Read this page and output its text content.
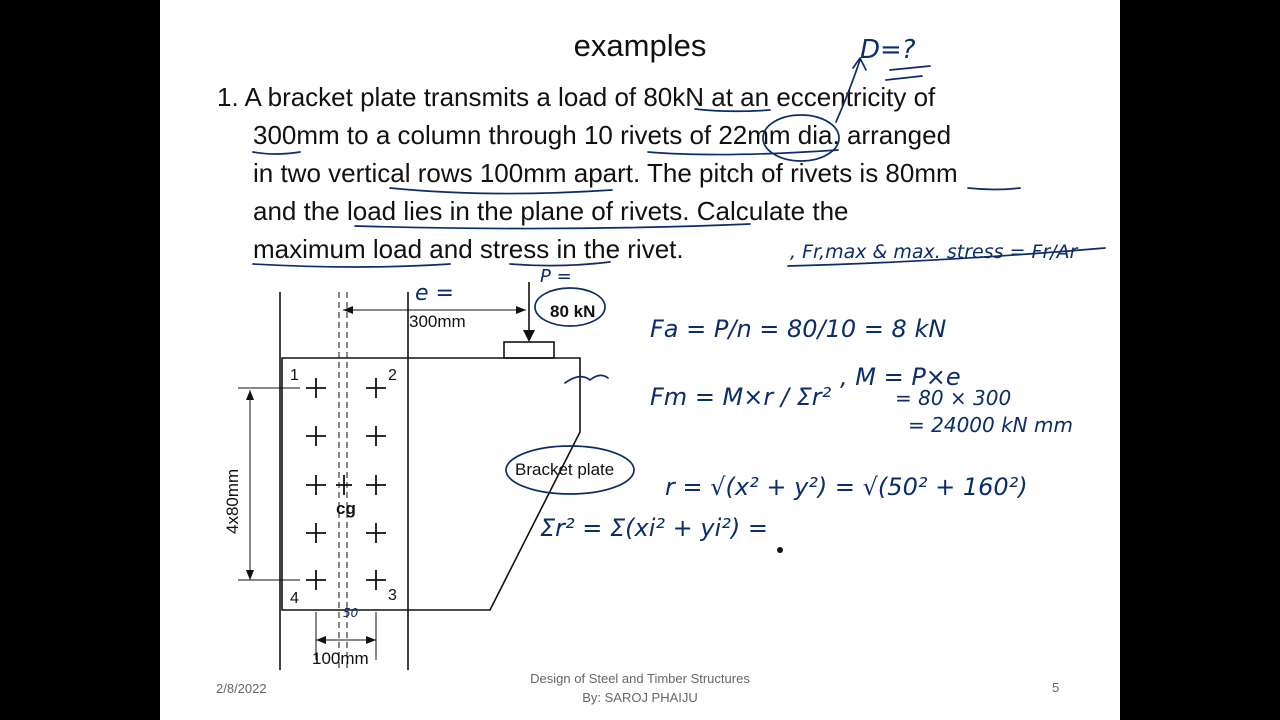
examples
1. A bracket plate transmits a load of 80kN at an eccentricity of
300mm to a column through 10 rivets of 22mm dia. arranged
in two vertical rows 100mm apart. The pitch of rivets is 80mm
and the load lies in the plane of rivets. Calculate the
maximum load and stress in the rivet.
80 kN
300mm
4x80mm
100mm
cg
Bracket plate
1	2
3
4
D=?
e =
P =
, Fr,max & max. stress = Fr/Ar
Fa = P/n = 80/10 = 8 kN
Fm = M×r / Σr²
, M = P×e
= 80 × 300
= 24000 kN mm
r = √(x² + y²) = √(50² + 160²)
Σr² = Σ(xi² + yi²) =
50
2/8/2022
Design of Steel and Timber Structures
By: SAROJ PHAIJU
5
